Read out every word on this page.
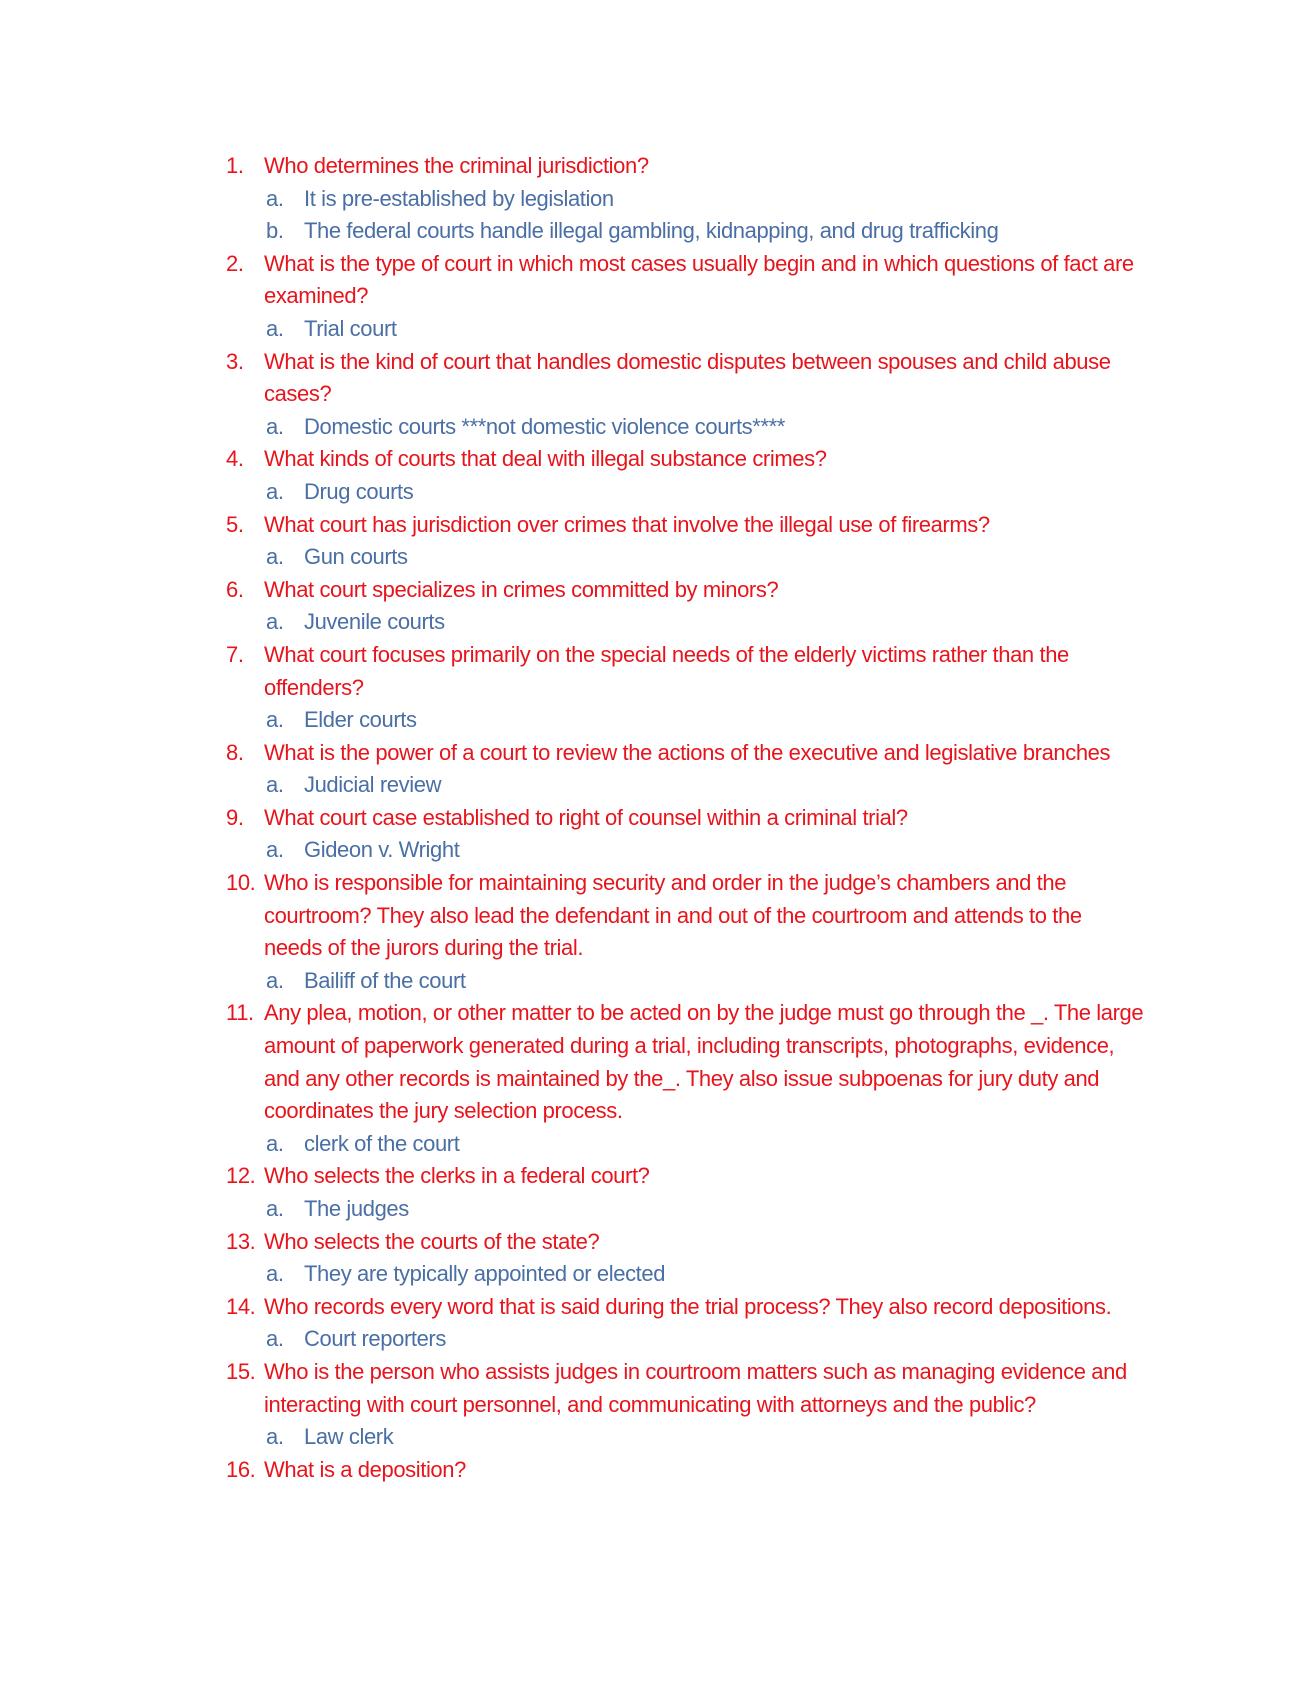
1. Who determines the criminal jurisdiction?
a. It is pre-established by legislation
b. The federal courts handle illegal gambling, kidnapping, and drug trafficking
2. What is the type of court in which most cases usually begin and in which questions of fact are examined?
a. Trial court
3. What is the kind of court that handles domestic disputes between spouses and child abuse cases?
a. Domestic courts ***not domestic violence courts****
4. What kinds of courts that deal with illegal substance crimes?
a. Drug courts
5. What court has jurisdiction over crimes that involve the illegal use of firearms?
a. Gun courts
6. What court specializes in crimes committed by minors?
a. Juvenile courts
7. What court focuses primarily on the special needs of the elderly victims rather than the offenders?
a. Elder courts
8. What is the power of a court to review the actions of the executive and legislative branches
a. Judicial review
9. What court case established to right of counsel within a criminal trial?
a. Gideon v. Wright
10. Who is responsible for maintaining security and order in the judge’s chambers and the courtroom? They also lead the defendant in and out of the courtroom and attends to the needs of the jurors during the trial.
a. Bailiff of the court
11. Any plea, motion, or other matter to be acted on by the judge must go through the _. The large amount of paperwork generated during a trial, including transcripts, photographs, evidence, and any other records is maintained by the_. They also issue subpoenas for jury duty and coordinates the jury selection process.
a. clerk of the court
12. Who selects the clerks in a federal court?
a. The judges
13. Who selects the courts of the state?
a. They are typically appointed or elected
14. Who records every word that is said during the trial process? They also record depositions.
a. Court reporters
15. Who is the person who assists judges in courtroom matters such as managing evidence and interacting with court personnel, and communicating with attorneys and the public?
a. Law clerk
16. What is a deposition?
